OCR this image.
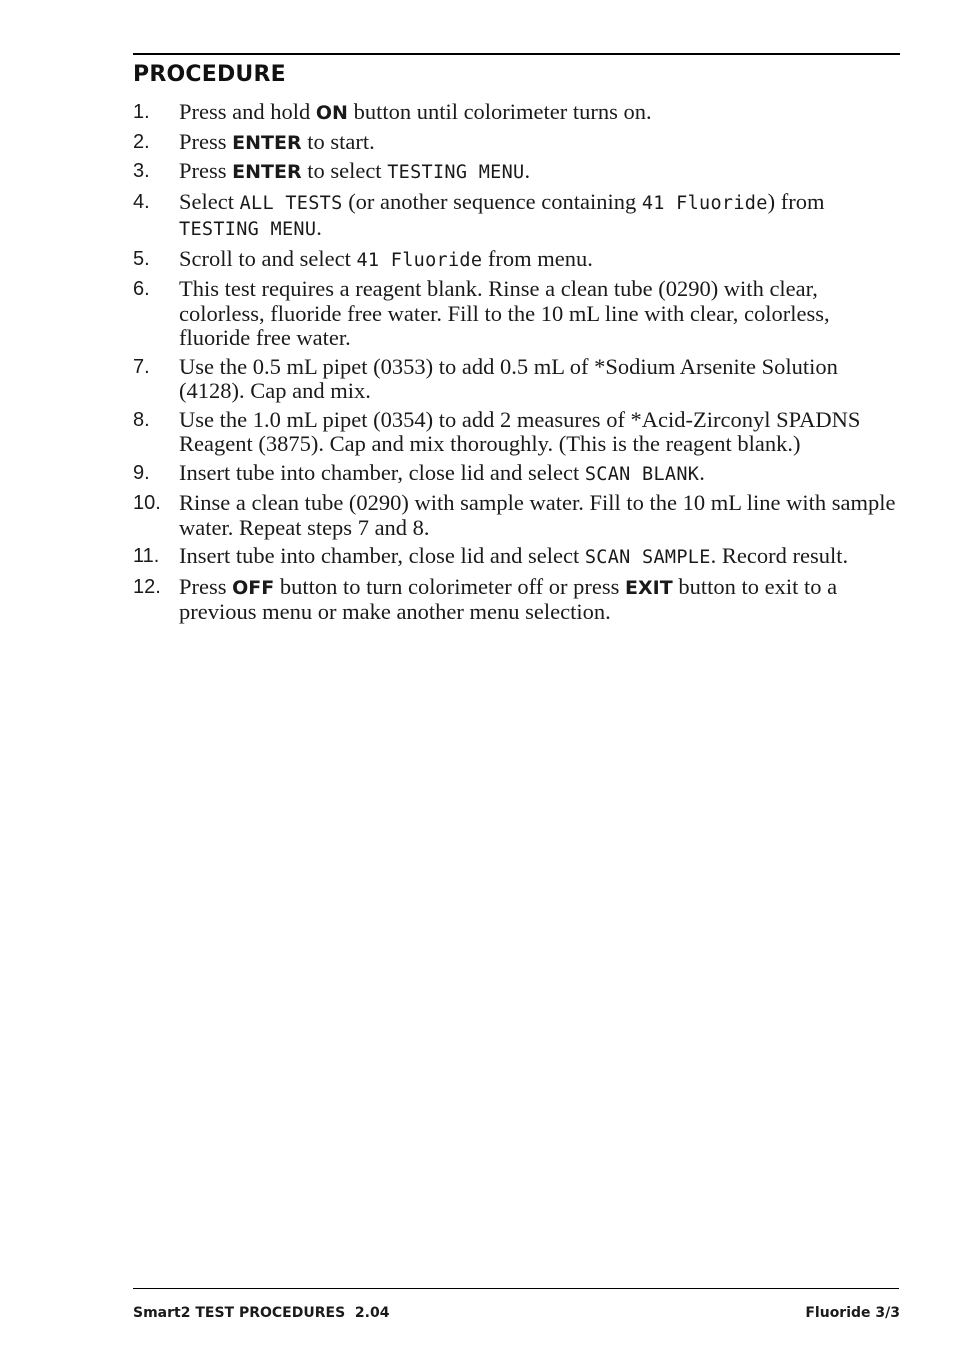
PROCEDURE
1. Press and hold ON button until colorimeter turns on.
2. Press ENTER to start.
3. Press ENTER to select TESTING MENU.
4. Select ALL TESTS (or another sequence containing 41 Fluoride) from TESTING MENU.
5. Scroll to and select 41 Fluoride from menu.
6. This test requires a reagent blank. Rinse a clean tube (0290) with clear, colorless, fluoride free water. Fill to the 10 mL line with clear, colorless, fluoride free water.
7. Use the 0.5 mL pipet (0353) to add 0.5 mL of *Sodium Arsenite Solution (4128). Cap and mix.
8. Use the 1.0 mL pipet (0354) to add 2 measures of *Acid-Zirconyl SPADNS Reagent (3875). Cap and mix thoroughly. (This is the reagent blank.)
9. Insert tube into chamber, close lid and select SCAN BLANK.
10. Rinse a clean tube (0290) with sample water. Fill to the 10 mL line with sample water. Repeat steps 7 and 8.
11. Insert tube into chamber, close lid and select SCAN SAMPLE. Record result.
12. Press OFF button to turn colorimeter off or press EXIT button to exit to a previous menu or make another menu selection.
Smart2 TEST PROCEDURES  2.04	Fluoride 3/3
